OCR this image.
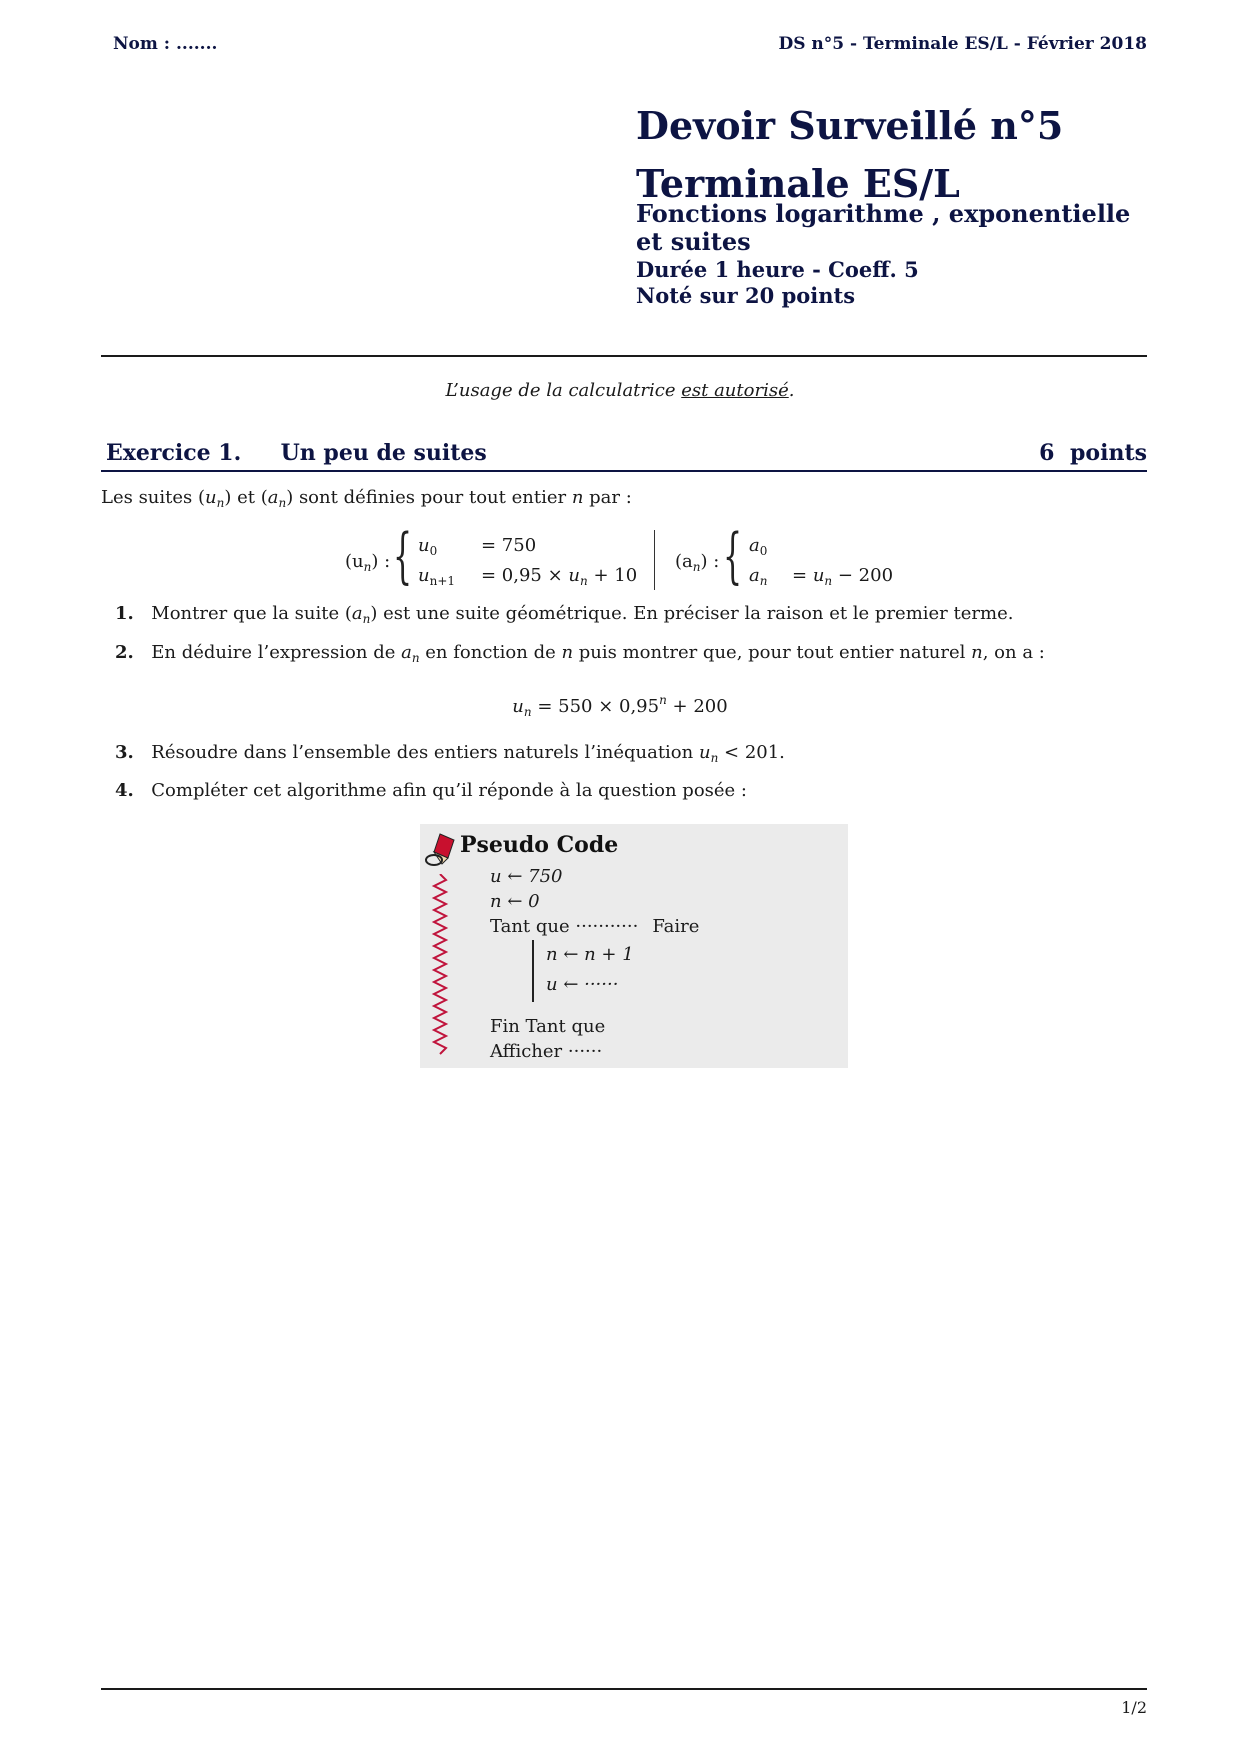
Nom : .......	DS n°5 - Terminale ES/L - Février 2018
Devoir Surveillé n°5
Terminale ES/L
Fonctions logarithme , exponentielle et suites
Durée 1 heure - Coeff. 5
Noté sur 20 points
L’usage de la calculatrice est autorisé.
Exercice 1. Un peu de suites	6 points
Les suites $(u_n)$ et $(a_n)$ sont définies pour tout entier n par :
$(u_n)$ : { $u_0 = 750$
$u_{n+1} = 0,95 \times u_n + 10$
$(a_n)$ : { $a_0$
$a_n = u_n - 200$
1. Montrer que la suite $(a_n)$ est une suite géométrique. En préciser la raison et le premier terme.
2. En déduire l’expression de $a_n$ en fonction de n puis montrer que, pour tout entier naturel n, on a :
$u_n = 550 \times 0,95^n + 200$
3. Résoudre dans l’ensemble des entiers naturels l’inéquation $u_n < 201$.
4. Compléter cet algorithme afin qu’il réponde à la question posée :
Pseudo Code
u ← 750
n ← 0
Tant que ··········· Faire
n ← n + 1
u ← ······
Fin Tant que
Afficher ······
1/2
